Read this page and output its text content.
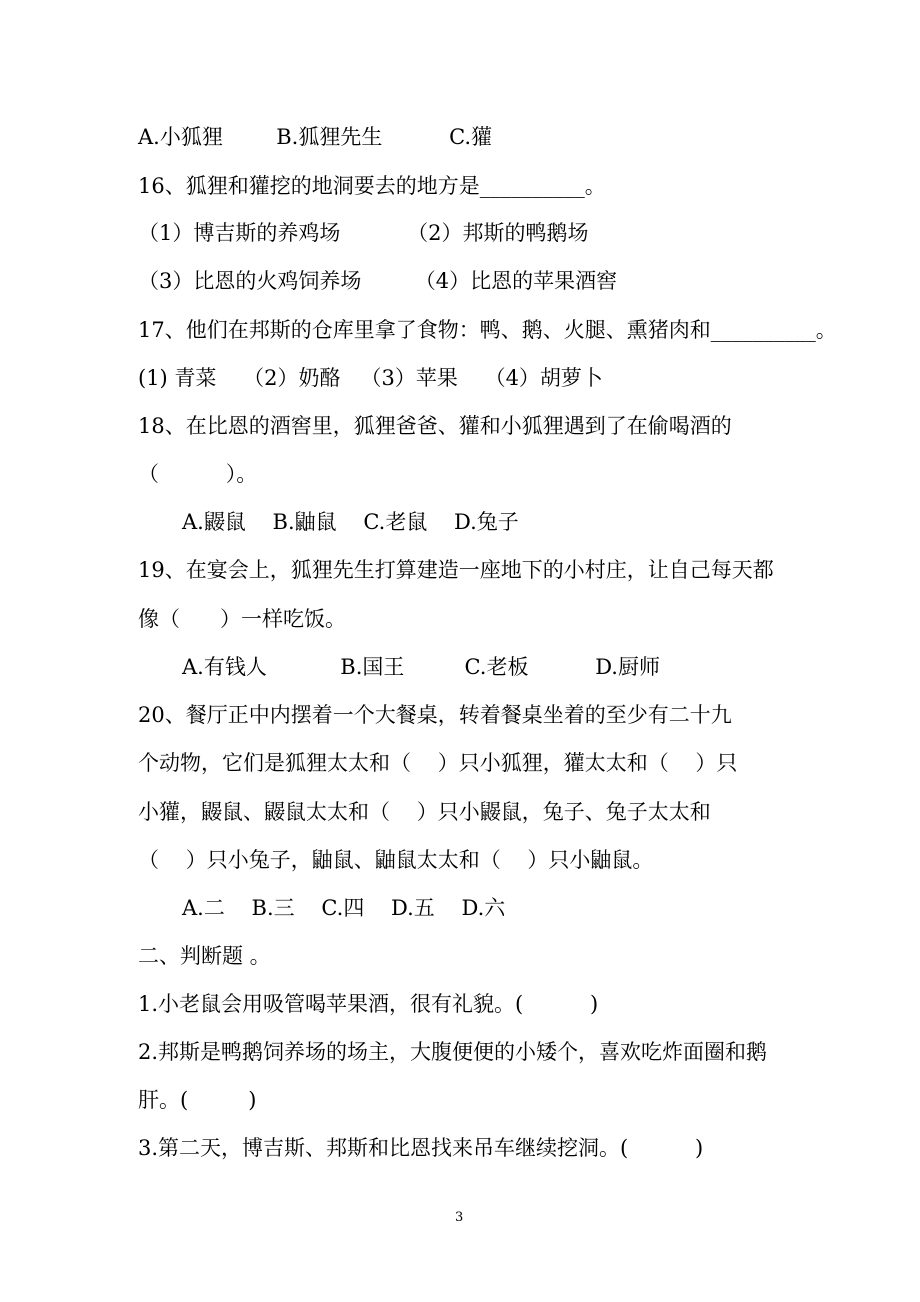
A.小狐狸        B.狐狸先生          C.獾

16、狐狸和獾挖的地洞要去的地方是__________。

（1）博吉斯的养鸡场          （2）邦斯的鸭鹅场

（3）比恩的火鸡饲养场        （4）比恩的苹果酒窖

17、他们在邦斯的仓库里拿了食物：鸭、鹅、火腿、熏猪肉和__________。

(1) 青菜    （2）奶酪   （3）苹果    （4）胡萝卜

18、在比恩的酒窖里，狐狸爸爸、獾和小狐狸遇到了在偷喝酒的

（          ）。

A.鼹鼠    B.鼬鼠    C.老鼠    D.兔子

19、在宴会上，狐狸先生打算建造一座地下的小村庄，让自己每天都

像（      ）一样吃饭。

A.有钱人           B.国王         C.老板          D.厨师

20、餐厅正中内摆着一个大餐桌，转着餐桌坐着的至少有二十九

个动物，它们是狐狸太太和（    ）只小狐狸，獾太太和（    ）只

小獾，鼹鼠、鼹鼠太太和（    ）只小鼹鼠，兔子、兔子太太和

（    ）只小兔子，鼬鼠、鼬鼠太太和（    ）只小鼬鼠。

A.二    B.三    C.四    D.五    D.六

二、判断题 。

1.小老鼠会用吸管喝苹果酒，很有礼貌。(          )

2.邦斯是鸭鹅饲养场的场主，大腹便便的小矮个，喜欢吃炸面圈和鹅

肝。(         )

3.第二天，博吉斯、邦斯和比恩找来吊车继续挖洞。(          )

3
